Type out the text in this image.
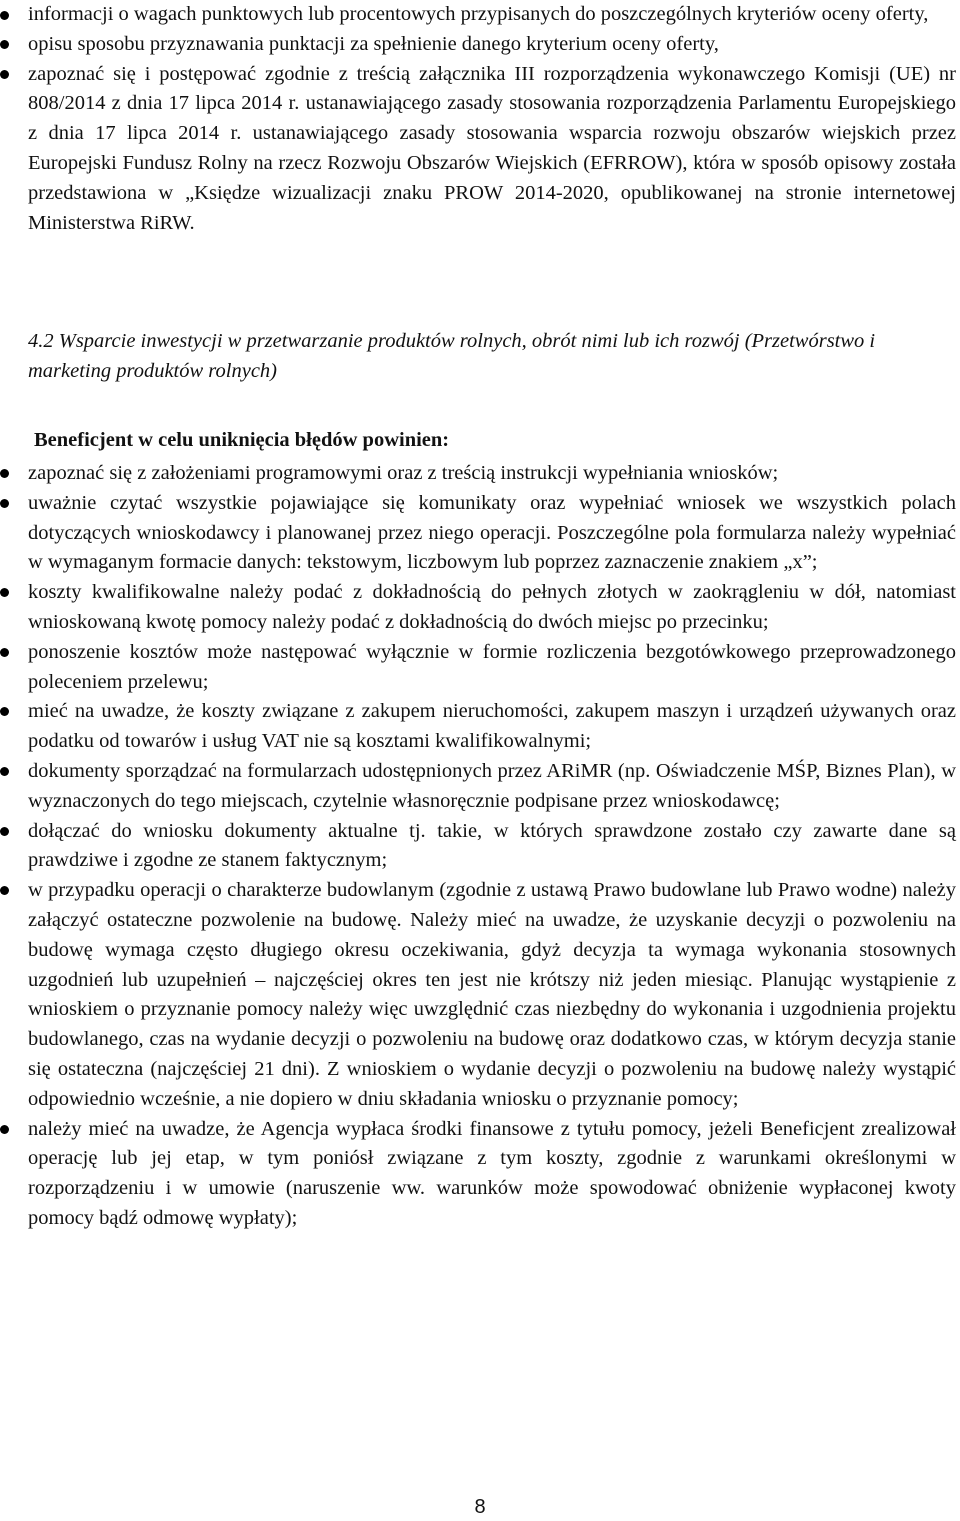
informacji o wagach punktowych lub procentowych przypisanych do poszczególnych kryteriów oceny oferty,
opisu sposobu przyznawania punktacji za spełnienie danego kryterium oceny oferty,
zapoznać się i postępować zgodnie z treścią załącznika III rozporządzenia wykonawczego Komisji (UE) nr 808/2014 z dnia 17 lipca 2014 r. ustanawiającego zasady stosowania rozporządzenia Parlamentu Europejskiego z dnia 17 lipca 2014 r. ustanawiającego zasady stosowania wsparcia rozwoju obszarów wiejskich przez Europejski Fundusz Rolny na rzecz Rozwoju Obszarów Wiejskich (EFRROW), która w sposób opisowy została przedstawiona w „Księdze wizualizacji znaku PROW 2014-2020, opublikowanej na stronie internetowej Ministerstwa RiRW.

4.2 Wsparcie inwestycji w przetwarzanie produktów rolnych, obrót nimi lub ich rozwój (Przetwórstwo i marketing produktów rolnych)

Beneficjent w celu uniknięcia błędów powinien:

zapoznać się z założeniami programowymi oraz z treścią instrukcji wypełniania wniosków;
uważnie czytać wszystkie pojawiające się komunikaty oraz wypełniać wniosek we wszystkich polach dotyczących wnioskodawcy i planowanej przez niego operacji. Poszczególne pola formularza należy wypełniać w wymaganym formacie danych: tekstowym, liczbowym lub poprzez zaznaczenie znakiem „x”;
koszty kwalifikowalne należy podać z dokładnością do pełnych złotych w zaokrągleniu w dół, natomiast wnioskowaną kwotę pomocy należy podać z dokładnością do dwóch miejsc po przecinku;
ponoszenie kosztów może następować wyłącznie w formie rozliczenia bezgotówkowego przeprowadzonego poleceniem przelewu;
mieć na uwadze, że koszty związane z zakupem nieruchomości, zakupem maszyn i urządzeń używanych oraz podatku od towarów i usług VAT nie są kosztami kwalifikowalnymi;
dokumenty sporządzać na formularzach udostępnionych przez ARiMR (np. Oświadczenie MŚP, Biznes Plan), w wyznaczonych do tego miejscach, czytelnie własnoręcznie podpisane przez wnioskodawcę;
dołączać do wniosku dokumenty aktualne tj. takie, w których sprawdzone zostało czy zawarte dane są prawdziwe i zgodne ze stanem faktycznym;
w przypadku operacji o charakterze budowlanym (zgodnie z ustawą Prawo budowlane lub Prawo wodne) należy załączyć ostateczne pozwolenie na budowę. Należy mieć na uwadze, że uzyskanie decyzji o pozwoleniu na budowę wymaga często długiego okresu oczekiwania, gdyż decyzja ta wymaga wykonania stosownych uzgodnień lub uzupełnień – najczęściej okres ten jest nie krótszy niż jeden miesiąc. Planując wystąpienie z wnioskiem o przyznanie pomocy należy więc uwzględnić czas niezbędny do wykonania i uzgodnienia projektu budowlanego, czas na wydanie decyzji o pozwoleniu na budowę oraz dodatkowo czas, w którym decyzja stanie się ostateczna (najczęściej 21 dni). Z wnioskiem o wydanie decyzji o pozwoleniu na budowę należy wystąpić odpowiednio wcześnie, a nie dopiero w dniu składania wniosku o przyznanie pomocy;
należy mieć na uwadze, że Agencja wypłaca środki finansowe z tytułu pomocy, jeżeli Beneficjent zrealizował operację lub jej etap, w tym poniósł związane z tym koszty, zgodnie z warunkami określonymi w rozporządzeniu i w umowie (naruszenie ww. warunków może spowodować obniżenie wypłaconej kwoty pomocy bądź odmowę wypłaty);
8
